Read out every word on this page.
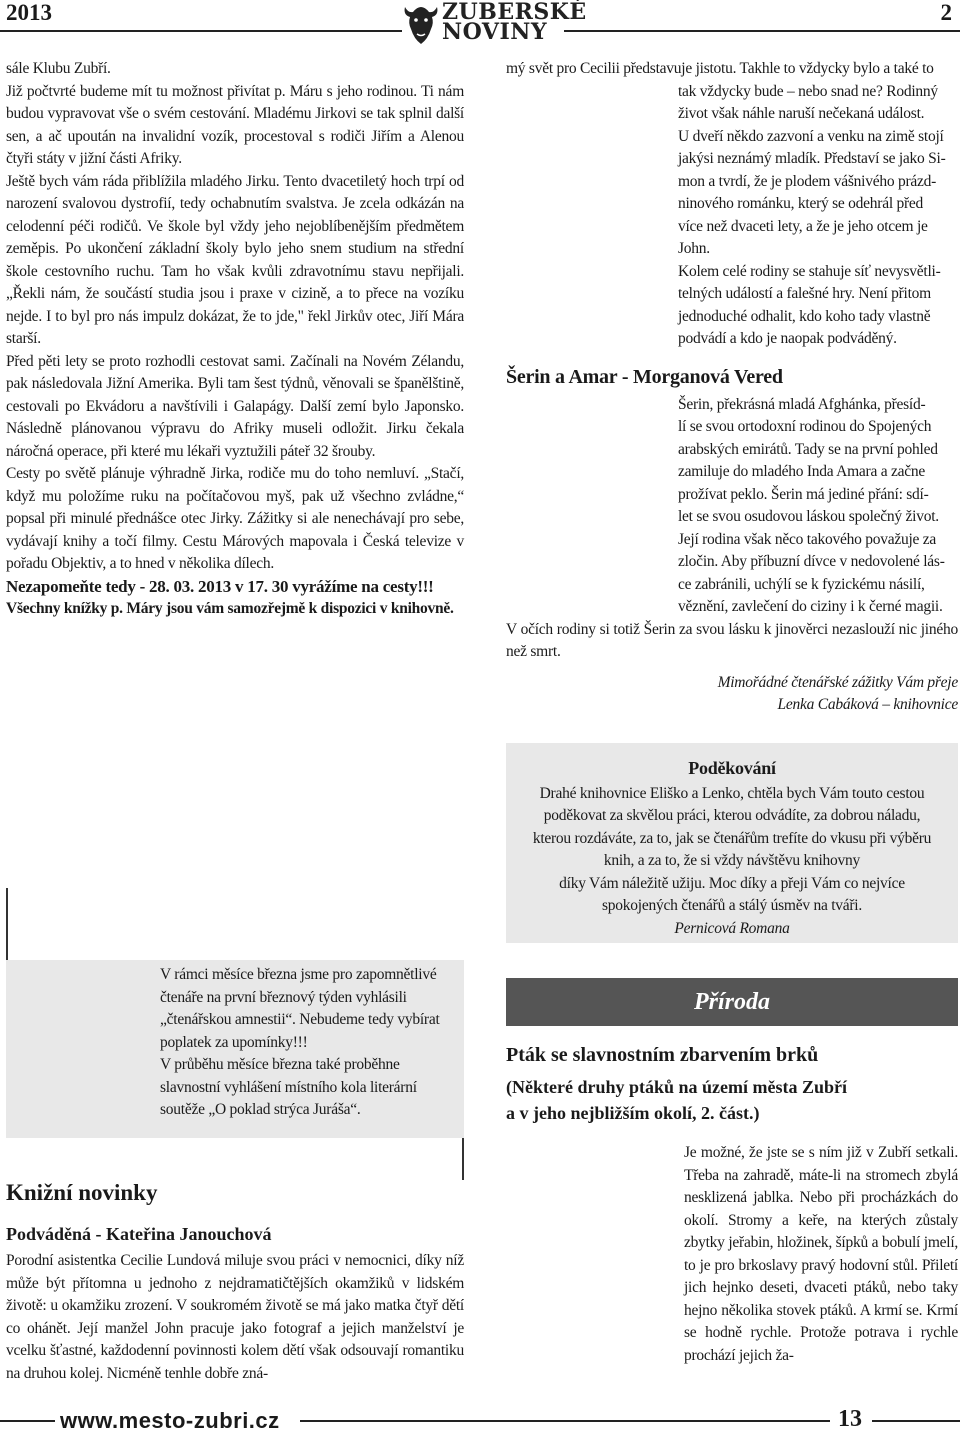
2013	ZUBERSKÉ
NOVINY
2

sále Klubu Zubří.

Již počtvrté budeme mít tu možnost přivítat p. Máru s jeho rodinou. Ti nám budou vypravovat vše o svém cestování. Mladému Jirkovi se tak splnil další sen, a ač upoután na invalidní vozík, procestoval s rodiči Jiřím a Alenou čtyři státy v jižní části Afriky.

Ještě bych vám ráda přiblížila mladého Jirku. Tento dvacetiletý hoch trpí od narození svalovou dystrofií, tedy ochabnutím svalstva. Je zcela odkázán na celodenní péči rodičů. Ve škole byl vždy jeho nejoblíbenějším předmětem zeměpis. Po ukončení základní školy bylo jeho snem studium na střední škole cestovního ruchu. Tam ho však kvůli zdravotnímu stavu nepřijali. „Řekli nám, že součástí studia jsou i praxe v cizině, a to přece na vozíku nejde. I to byl pro nás impulz dokázat, že to jde," řekl Jirkův otec, Jiří Mára starší.

Před pěti lety se proto rozhodli cestovat sami. Začínali na Novém Zélandu, pak následovala Jižní Amerika. Byli tam šest týdnů, věnovali se španělštině, cestovali po Ekvádoru a navštívili i Galapágy. Další zemí bylo Japonsko. Následně plánovanou výpravu do Afriky museli odložit. Jirku čekala náročná operace, při které mu lékaři vyztužili páteř 32 šrouby.

Cesty po světě plánuje výhradně Jirka, rodiče mu do toho nemluví. „Stačí, když mu položíme ruku na počítačovou myš, pak už všechno zvládne,“ popsal při minulé přednášce otec Jirky. Zážitky si ale nenechávají pro sebe, vydávají knihy a točí filmy. Cestu Márových mapovala i Česká televize v pořadu Objektiv, a to hned v několika dílech.

Nezapomeňte tedy - 28. 03. 2013 v 17. 30 vyrážíme na cesty!!!

Všechny knížky p. Máry jsou vám samozřejmě k dispozici v knihovně.

mý svět pro Cecilii představuje jistotu. Takhle to vždycky bylo a také to

tak vždycky bude – nebo snad ne? Rodinný

život však náhle naruší nečekaná událost.

U dveří někdo zazvoní a venku na zimě stojí

jakýsi neznámý mladík. Představí se jako Si-

mon a tvrdí, že je plodem vášnivého prázd-

ninového románku, který se odehrál před

více než dvaceti lety, a že je jeho otcem je John.

Kolem celé rodiny se stahuje síť nevysvětli-

telných událostí a falešné hry. Není přitom

jednoduché odhalit, kdo koho tady vlastně

podvádí a kdo je naopak podváděný.

Šerin a Amar - Morganová Vered

Šerin, překrásná mladá Afghánka, přesíd-

lí se svou ortodoxní rodinou do Spojených

arabských emirátů. Tady se na první pohled

zamiluje do mladého Inda Amara a začne

prožívat peklo. Šerin má jediné přání: sdí-

let se svou osudovou láskou společný život.

Její rodina však něco takového považuje za

zločin. Aby příbuzní dívce v nedovolené lás-

ce zabránili, uchýlí se k fyzickému násilí,

věznění, zavlečení do ciziny i k černé magii.

V očích rodiny si totiž Šerin za svou lásku k jinověrci nezaslouží nic jiného než smrt.

Mimořádné čtenářské zážitky Vám přeje

Lenka Cabáková – knihovnice

Poděkování

Drahé knihovnice Eliško a Lenko, chtěla bych Vám touto cestou

poděkovat za skvělou práci, kterou odvádíte, za dobrou náladu,

kterou rozdáváte, za to, jak se čtenářům trefíte do vkusu při výběru

knih, a za to, že si vždy návštěvu knihovny

díky Vám náležitě užiju. Moc díky a přeji Vám co nejvíce

spokojených čtenářů a stálý úsměv na tváři.

Pernicová Romana

V rámci měsíce března jsme pro zapomnětlivé čtenáře na první březnový týden vyhlásili „čtenářskou amnestii“. Nebudeme tedy vybírat poplatek za upomínky!!!

V průběhu měsíce března také proběhne slavnostní vyhlášení místního kola literární soutěže „O poklad strýca Juráša“.

Knižní novinky
Podváděná - Kateřina Janouchová
Porodní asistentka Cecilie Lundová miluje svou práci v nemocnici, díky níž může být přítomna u jednoho z nejdramatičtějších okamžiků v lidském životě: u okamžiku zrození. V soukromém životě se má jako matka čtyř dětí co ohánět. Její manžel John pracuje jako fotograf a jejich manželství je vcelku šťastné, každodenní povinnosti kolem dětí však odsouvají romantiku na druhou kolej. Nicméně tenhle dobře zná-
Příroda
Pták se slavnostním zbarvením brků
(Některé druhy ptáků na území města Zubří
a v jeho nejbližším okolí, 2. část.)
Je možné, že jste se s ním již v Zubří setkali. Třeba na zahradě, máte-li na stromech zbylá nesklizená jablka. Nebo při procházkách do okolí. Stromy a keře, na kterých zůstaly zbytky jeřabin, hložinek, šípků a bobulí jmelí, to je pro brkoslavy pravý hodovní stůl. Přiletí jich hejnko deseti, dvaceti ptáků, nebo taky hejno několika stovek ptáků. A krmí se. Krmí se hodně rychle. Protože potrava i rychle prochází jejich ža-
www.mesto-zubri.cz	13
